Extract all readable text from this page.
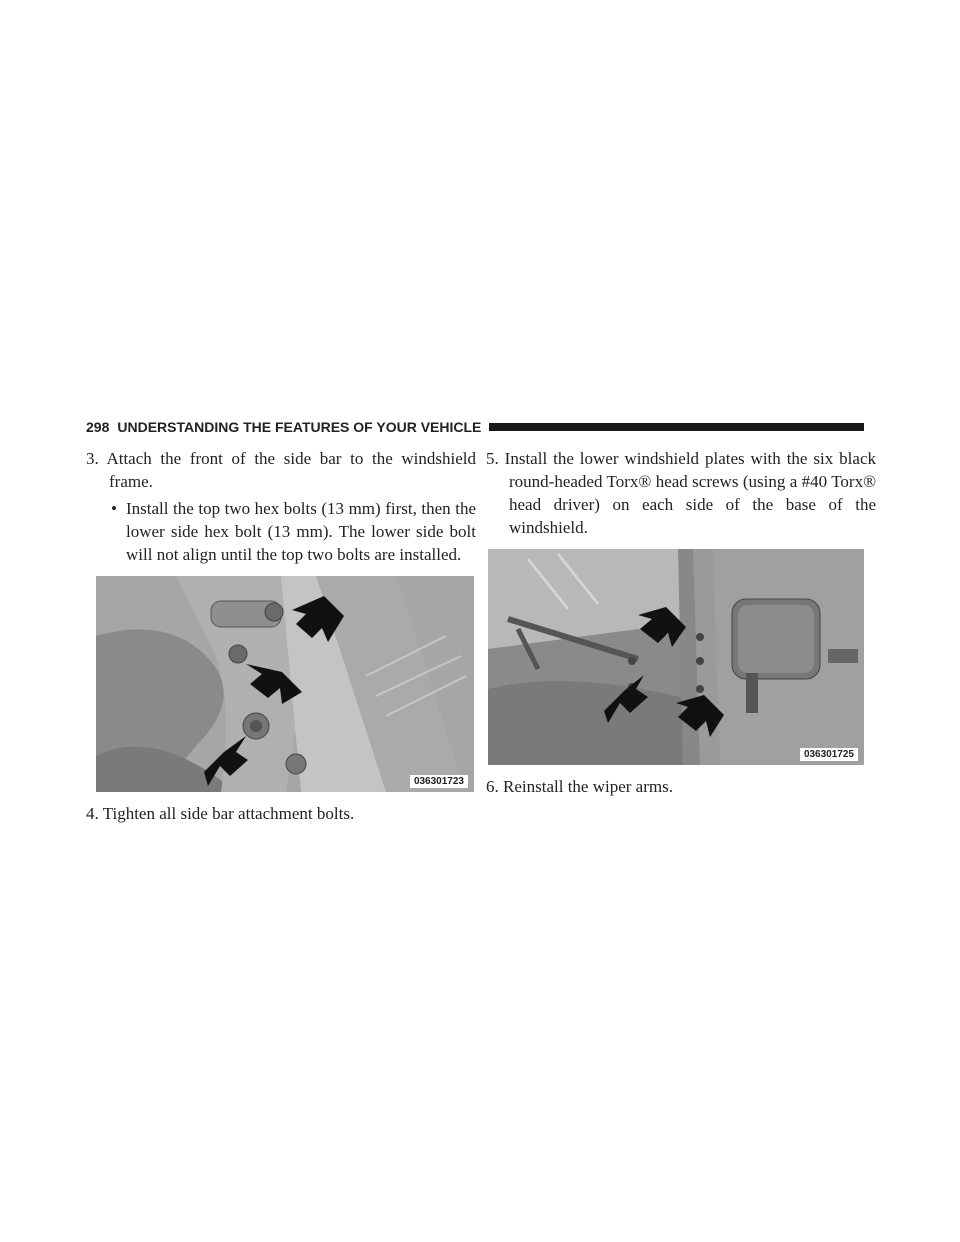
298 UNDERSTANDING THE FEATURES OF YOUR VEHICLE

3. Attach the front of the side bar to the windshield frame.

• Install the top two hex bolts (13 mm) first, then the lower side hex bolt (13 mm). The lower side bolt will not align until the top two bolts are installed.

036301723

4. Tighten all side bar attachment bolts.

5. Install the lower windshield plates with the six black round-headed Torx® head screws (using a #40 Torx® head driver) on each side of the base of the windshield.

036301725

6. Reinstall the wiper arms.
